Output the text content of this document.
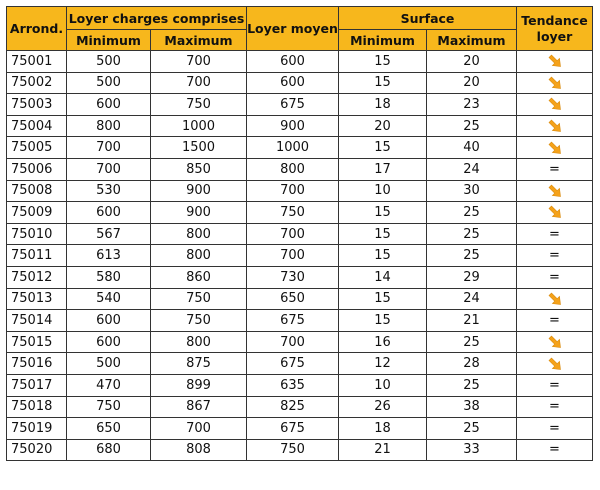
Arrond.	Loyer charges comprises		Loyer moyen	Surface		Tendance loyer
	Minimum	Maximum		Minimum	Maximum	
75001	500	700	600	15	20	
75002	500	700	600	15	20	
75003	600	750	675	18	23	
75004	800	1000	900	20	25	
75005	700	1500	1000	15	40	
75006	700	850	800	17	24	=
75008	530	900	700	10	30	
75009	600	900	750	15	25	
75010	567	800	700	15	25	=
75011	613	800	700	15	25	=
75012	580	860	730	14	29	=
75013	540	750	650	15	24	
75014	600	750	675	15	21	=
75015	600	800	700	16	25	
75016	500	875	675	12	28	
75017	470	899	635	10	25	=
75018	750	867	825	26	38	=
75019	650	700	675	18	25	=
75020	680	808	750	21	33	=
